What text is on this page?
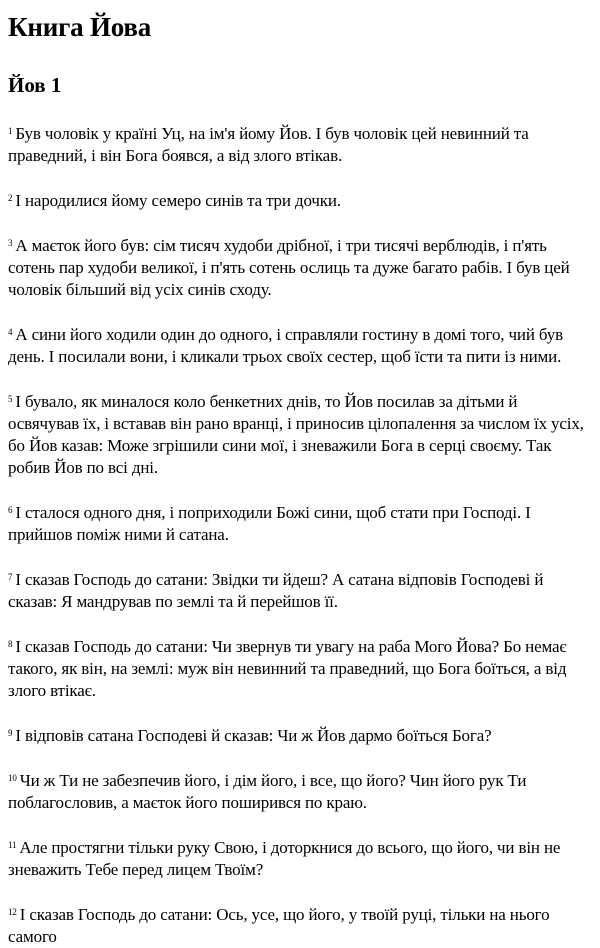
Книга Йова
Йов 1

$^1$ Був чоловік у країні Уц, на ім'я йому Йов. І був чоловік цей невинний та праведний, і він Бога боявся, а від злого втікав.

$^2$ І народилися йому семеро синів та три дочки.

$^3$ А маєток його був: сім тисяч худоби дрібної, і три тисячі верблюдів, і п'ять сотень пар худоби великої, і п'ять сотень ослиць та дуже багато рабів. І був цей чоловік більший від усіх синів сходу.

$^4$ А сини його ходили один до одного, і справляли гостину в домі того, чий був день. І посилали вони, і кликали трьох своїх сестер, щоб їсти та пити із ними.

$^5$ І бувало, як миналося коло бенкетних днів, то Йов посилав за дітьми й освячував їх, і вставав він рано вранці, і приносив цілопалення за числом їх усіх, бо Йов казав: Може згрішили сини мої, і зневажили Бога в серці своєму. Так робив Йов по всі дні.

$^6$ І сталося одного дня, і поприходили Божі сини, щоб стати при Господі. І прийшов поміж ними й сатана.

$^7$ І сказав Господь до сатани: Звідки ти йдеш? А сатана відповів Господеві й сказав: Я мандрував по землі та й перейшов її.

$^8$ І сказав Господь до сатани: Чи звернув ти увагу на раба Мого Йова? Бо немає такого, як він, на землі: муж він невинний та праведний, що Бога боїться, а від злого втікає.

$^9$ І відповів сатана Господеві й сказав: Чи ж Йов дармо боїться Бога?

$^{10}$ Чи ж Ти не забезпечив його, і дім його, і все, що його? Чин його рук Ти поблагословив, а маєток його поширився по краю.

$^{11}$ Але простягни тільки руку Свою, і доторкнися до всього, що його, чи він не зневажить Тебе перед лицем Твоїм?

$^{12}$ І сказав Господь до сатани: Ось, усе, що його, у твоїй руці, тільки на нього самого
